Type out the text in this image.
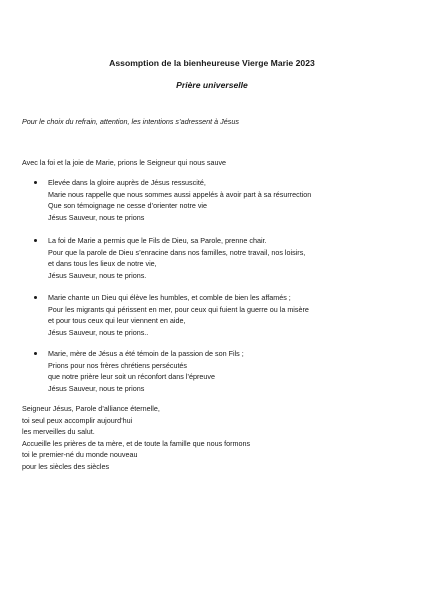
Assomption de la bienheureuse Vierge Marie 2023
Prière universelle
Pour le choix du refrain, attention, les intentions s’adressent à Jésus
Avec la foi et la joie de Marie, prions le Seigneur qui nous sauve
Elevée dans la gloire auprès de Jésus ressuscité,
Marie nous rappelle que nous sommes aussi appelés à avoir part à sa résurrection
Que son témoignage ne cesse d’orienter notre vie
Jésus Sauveur, nous te prions
La foi de Marie a permis que le Fils de Dieu, sa Parole, prenne chair.
Pour que la parole de Dieu s’enracine dans nos familles, notre travail, nos loisirs,
et dans tous les lieux de notre vie,
Jésus Sauveur, nous te prions.
Marie chante un Dieu qui élève les humbles, et comble de bien les affamés ;
Pour les migrants qui périssent en mer, pour ceux qui fuient la guerre ou la misère
et pour tous ceux qui leur viennent en aide,
Jésus Sauveur, nous te prions..
Marie, mère de Jésus a été témoin de la passion de son Fils ;
Prions pour nos frères chrétiens persécutés
que notre prière leur soit un réconfort dans l’épreuve
Jésus Sauveur, nous te prions
Seigneur Jésus, Parole d’alliance éternelle,
toi seul peux accomplir aujourd’hui
les merveilles du salut.
Accueille les prières de ta mère, et de toute la famille que nous formons
toi le premier-né du monde nouveau
pour les siècles des siècles
